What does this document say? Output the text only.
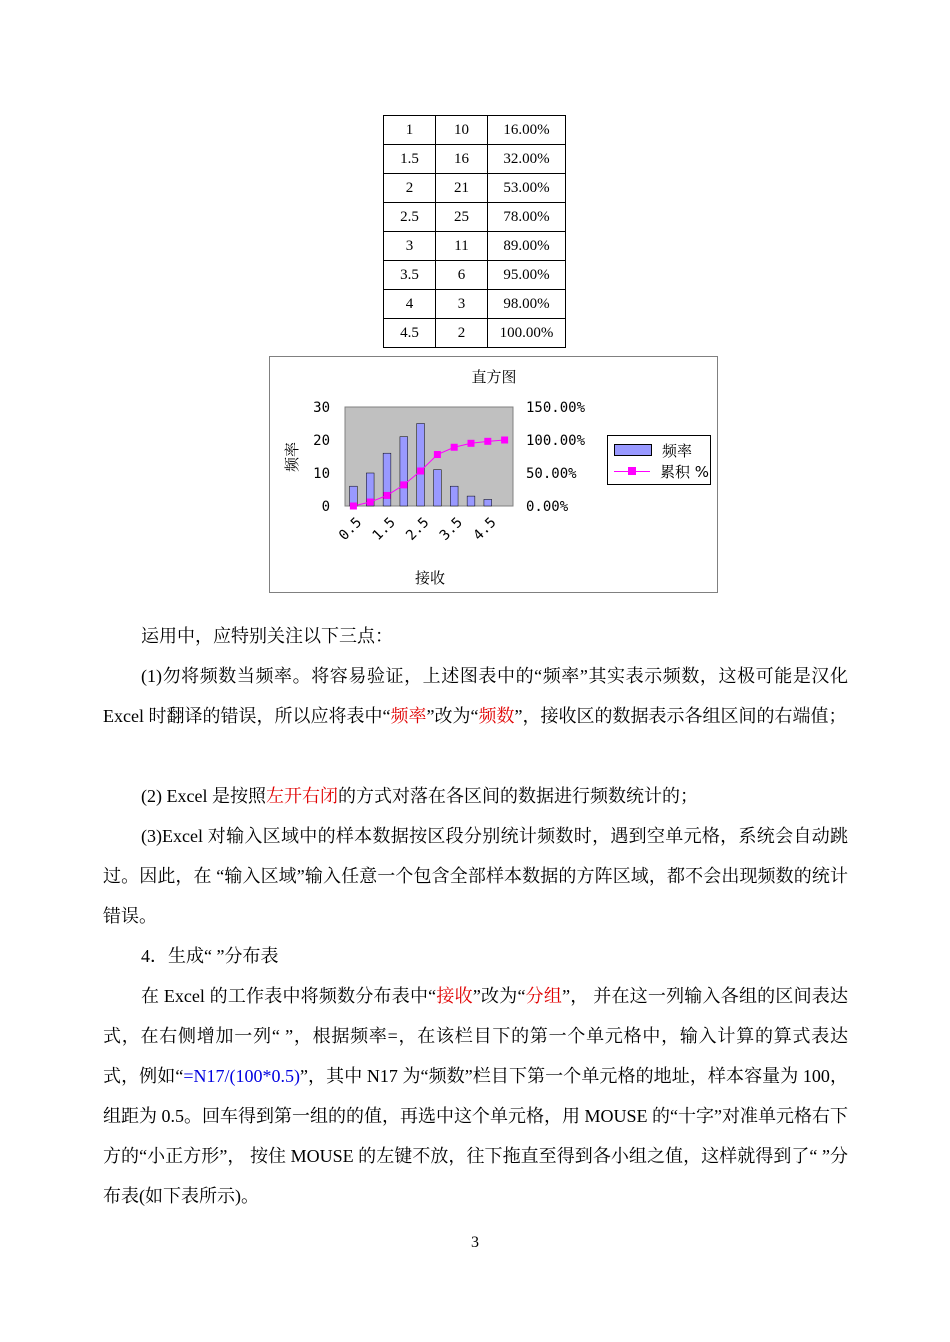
1	10	16.00%
1.5	16	32.00%
2	21	53.00%
2.5	25	78.00%
3	11	89.00%
3.5	6	95.00%
4	3	98.00%
4.5	2	100.00%
直方图
30
20
10
0
150.00%
100.00%
50.00%
0.00%
0.5 1.5 2.5 3.5 4.5
接收
频率	频率
累积 %

运用中，应特别关注以下三点：

(1)勿将频数当频率。将容易验证，上述图表中的“频率”其实表示频数，这极可能是汉化 Excel 时翻译的错误，所以应将表中“频率”改为“频数”，接收区的数据表示各组区间的右端值；

(2) Excel 是按照左开右闭的方式对落在各区间的数据进行频数统计的；

(3)Excel 对输入区域中的样本数据按区段分别统计频数时，遇到空单元格，系统会自动跳过。因此，在 “输入区域”输入任意一个包含全部样本数据的方阵区域，都不会出现频数的统计错误。

4．生成“ ”分布表

在 Excel 的工作表中将频数分布表中“接收”改为“分组”， 并在这一列输入各组的区间表达式，在右侧增加一列“ ”，根据频率=，在该栏目下的第一个单元格中，输入计算的算式表达式，例如“=N17/(100*0.5)”，其中 N17 为“频数”栏目下第一个单元格的地址，样本容量为 100，组距为 0.5。回车得到第一组的的值，再选中这个单元格，用 MOUSE 的“十字”对准单元格右下方的“小正方形”， 按住 MOUSE 的左键不放，往下拖直至得到各小组之值，这样就得到了“ ”分布表(如下表所示)。

3
